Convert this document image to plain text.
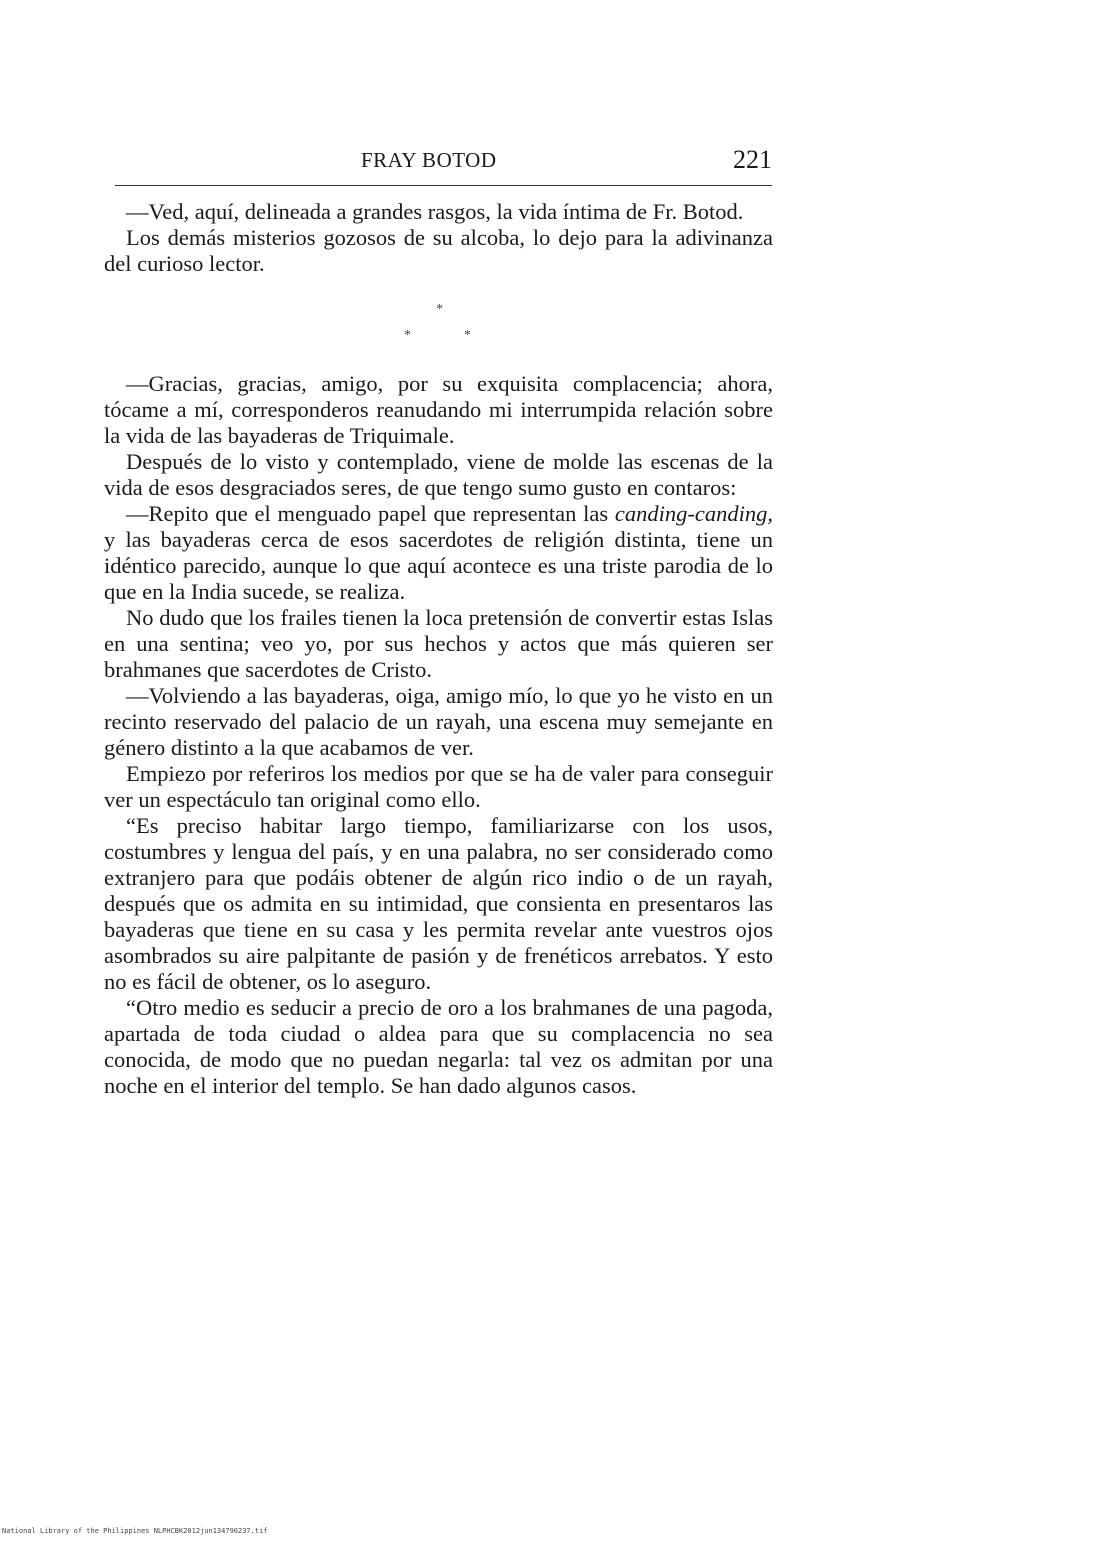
FRAY BOTOD	221

—Ved, aquí, delineada a grandes rasgos, la vida íntima de Fr. Botod.

Los demás misterios gozosos de su alcoba, lo dejo para la adivinanza del curioso lector.

*
*	*

—Gracias, gracias, amigo, por su exquisita complacencia; ahora, tócame a mí, corresponderos reanudando mi interrumpida relación sobre la vida de las bayaderas de Triquimale.

Después de lo visto y contemplado, viene de molde las escenas de la vida de esos desgraciados seres, de que tengo sumo gusto en contaros:

—Repito que el menguado papel que representan las canding-canding, y las bayaderas cerca de esos sacerdotes de religión distinta, tiene un idéntico parecido, aunque lo que aquí acontece es una triste parodia de lo que en la India sucede, se realiza.

No dudo que los frailes tienen la loca pretensión de convertir estas Islas en una sentina; veo yo, por sus hechos y actos que más quieren ser brahmanes que sacerdotes de Cristo.

—Volviendo a las bayaderas, oiga, amigo mío, lo que yo he visto en un recinto reservado del palacio de un rayah, una escena muy semejante en género distinto a la que acabamos de ver.

Empiezo por referiros los medios por que se ha de valer para conseguir ver un espectáculo tan original como ello.

“Es preciso habitar largo tiempo, familiarizarse con los usos, costumbres y lengua del país, y en una palabra, no ser considerado como extranjero para que podáis obtener de algún rico indio o de un rayah, después que os admita en su intimidad, que consienta en presentaros las bayaderas que tiene en su casa y les permita revelar ante vuestros ojos asombrados su aire palpitante de pasión y de frenéticos arrebatos. Y esto no es fácil de obtener, os lo aseguro.

“Otro medio es seducir a precio de oro a los brahmanes de una pagoda, apartada de toda ciudad o aldea para que su complacencia no sea conocida, de modo que no puedan negarla: tal vez os admitan por una noche en el interior del templo. Se han dado algunos casos.

National Library of the Philippines NLPHCBK2012jun134790237.tif
